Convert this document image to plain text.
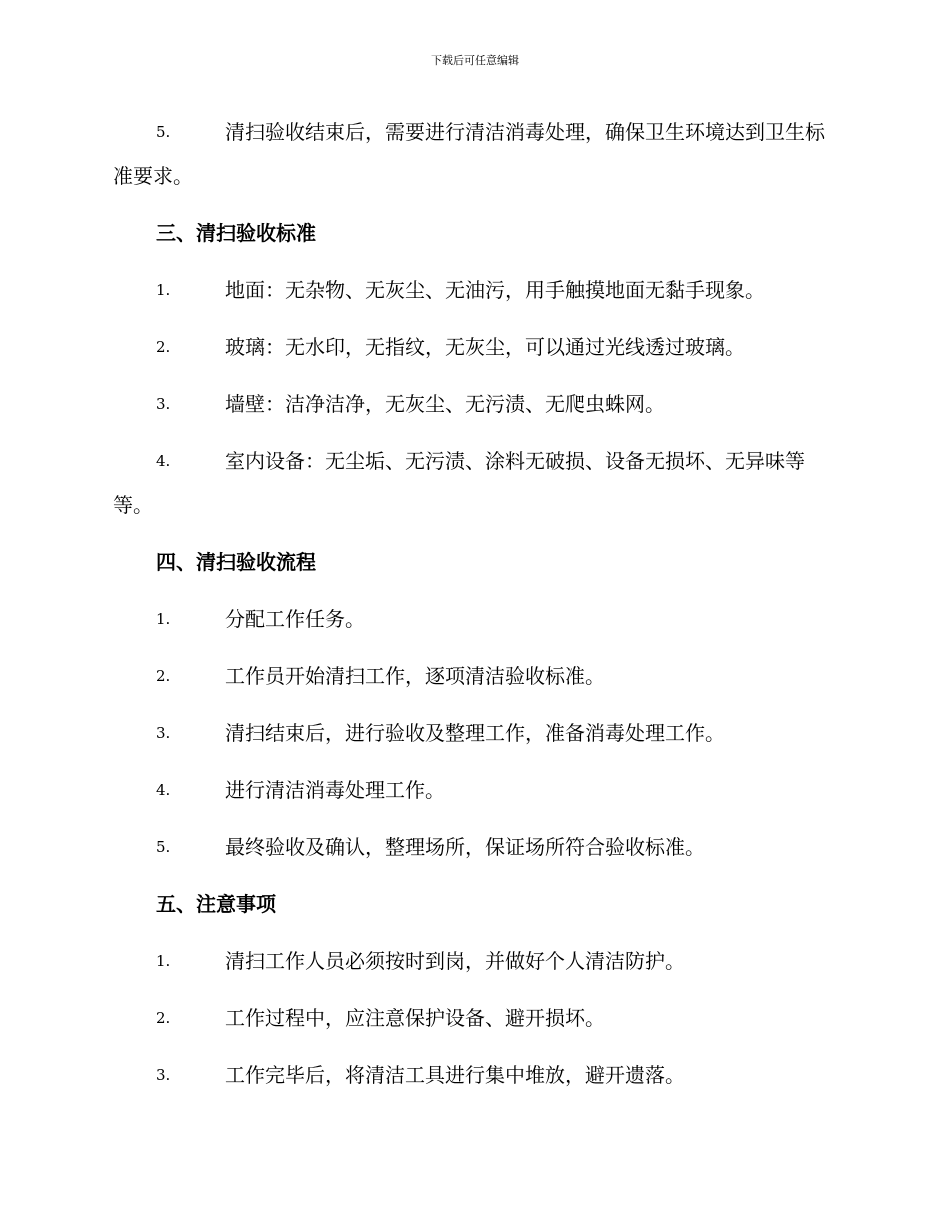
下载后可任意编辑
5.	清扫验收结束后，需要进行清洁消毒处理，确保卫生环境达到卫生标准要求。
三、清扫验收标准
1.	地面：无杂物、无灰尘、无油污，用手触摸地面无黏手现象。
2.	玻璃：无水印，无指纹，无灰尘，可以通过光线透过玻璃。
3.	墙壁：洁净洁净，无灰尘、无污渍、无爬虫蛛网。
4.	室内设备：无尘垢、无污渍、涂料无破损、设备无损坏、无异味等等。
四、清扫验收流程
1.	分配工作任务。
2.	工作员开始清扫工作，逐项清洁验收标准。
3.	清扫结束后，进行验收及整理工作，准备消毒处理工作。
4.	进行清洁消毒处理工作。
5.	最终验收及确认，整理场所，保证场所符合验收标准。
五、注意事项
1.	清扫工作人员必须按时到岗，并做好个人清洁防护。
2.	工作过程中，应注意保护设备、避开损坏。
3.	工作完毕后，将清洁工具进行集中堆放，避开遗落。
